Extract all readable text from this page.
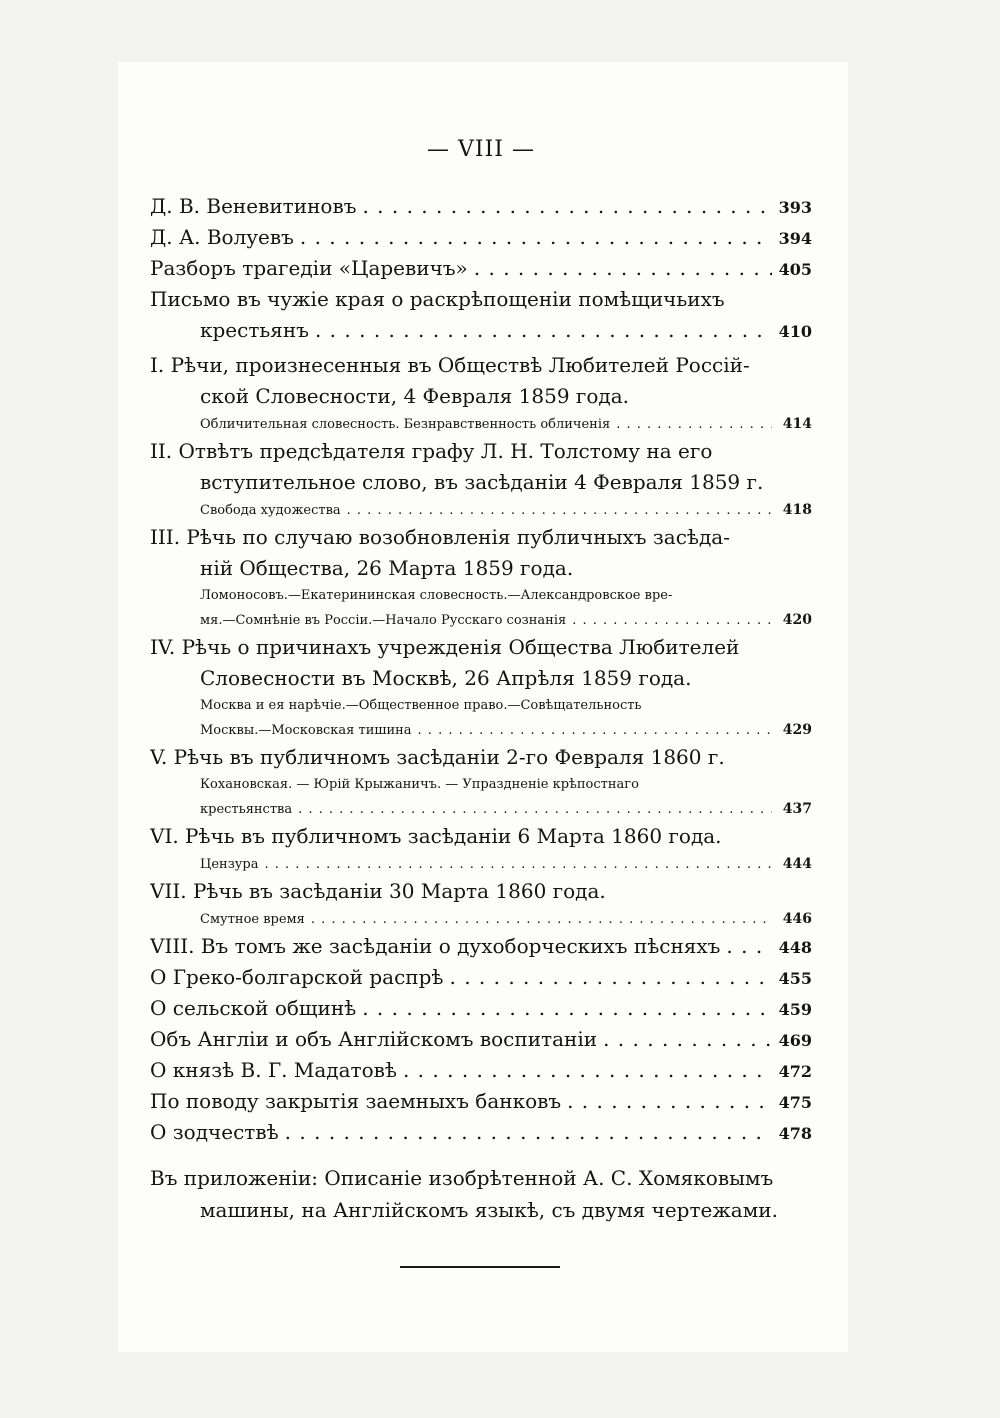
— VIII —
Д. В. Веневитиновъ . . .	393
Д. А. Волуевъ . . .	394
Разборъ трагедіи «Царевичъ» . . .	405
Письмо въ чужіе края о раскрѣпощеніи помѣщичьихъ
крестьянъ . . .	410
I. Рѣчи, произнесенныя въ Обществѣ Любителей Россій-
ской Словесности, 4 Февраля 1859 года.
Обличительная словесность. Безнравственность обличенія . . .	414
II. Отвѣтъ предсѣдателя графу Л. Н. Толстому на его
вступительное слово, въ засѣданіи 4 Февраля 1859 г.
Свобода художества . . .	418
III. Рѣчь по случаю возобновленія публичныхъ засѣда-
ній Общества, 26 Марта 1859 года.
Ломоносовъ.—Екатерининская словесность.—Александровское вре-
мя.—Сомнѣніе въ Россіи.—Начало Русскаго сознанія . . .	420
IV. Рѣчь о причинахъ учрежденія Общества Любителей
Словесности въ Москвѣ, 26 Апрѣля 1859 года.
Москва и ея нарѣчіе.—Общественное право.—Совѣщательность
Москвы.—Московская тишина . . .	429
V. Рѣчь въ публичномъ засѣданіи 2-го Февраля 1860 г.
Кохановская. — Юрій Крыжаничъ. — Упраздненіе крѣпостнаго
крестьянства . . .	437
VI. Рѣчь въ публичномъ засѣданіи 6 Марта 1860 года.
Цензура . . .	444
VII. Рѣчь въ засѣданіи 30 Марта 1860 года.
Смутное время . . .	446
VIII. Въ томъ же засѣданіи о духоборческихъ пѣсняхъ . . .	448
О Греко-болгарской распрѣ . . .	455
О сельской общинѣ . . .	459
Объ Англіи и объ Англійскомъ воспитаніи . . .	469
О князѣ В. Г. Мадатовѣ . . .	472
По поводу закрытія заемныхъ банковъ . . .	475
О зодчествѣ . . .	478
Въ приложеніи: Описаніе изобрѣтенной А. С. Хомяковымъ
машины, на Англійскомъ языкѣ, съ двумя чертежами.
